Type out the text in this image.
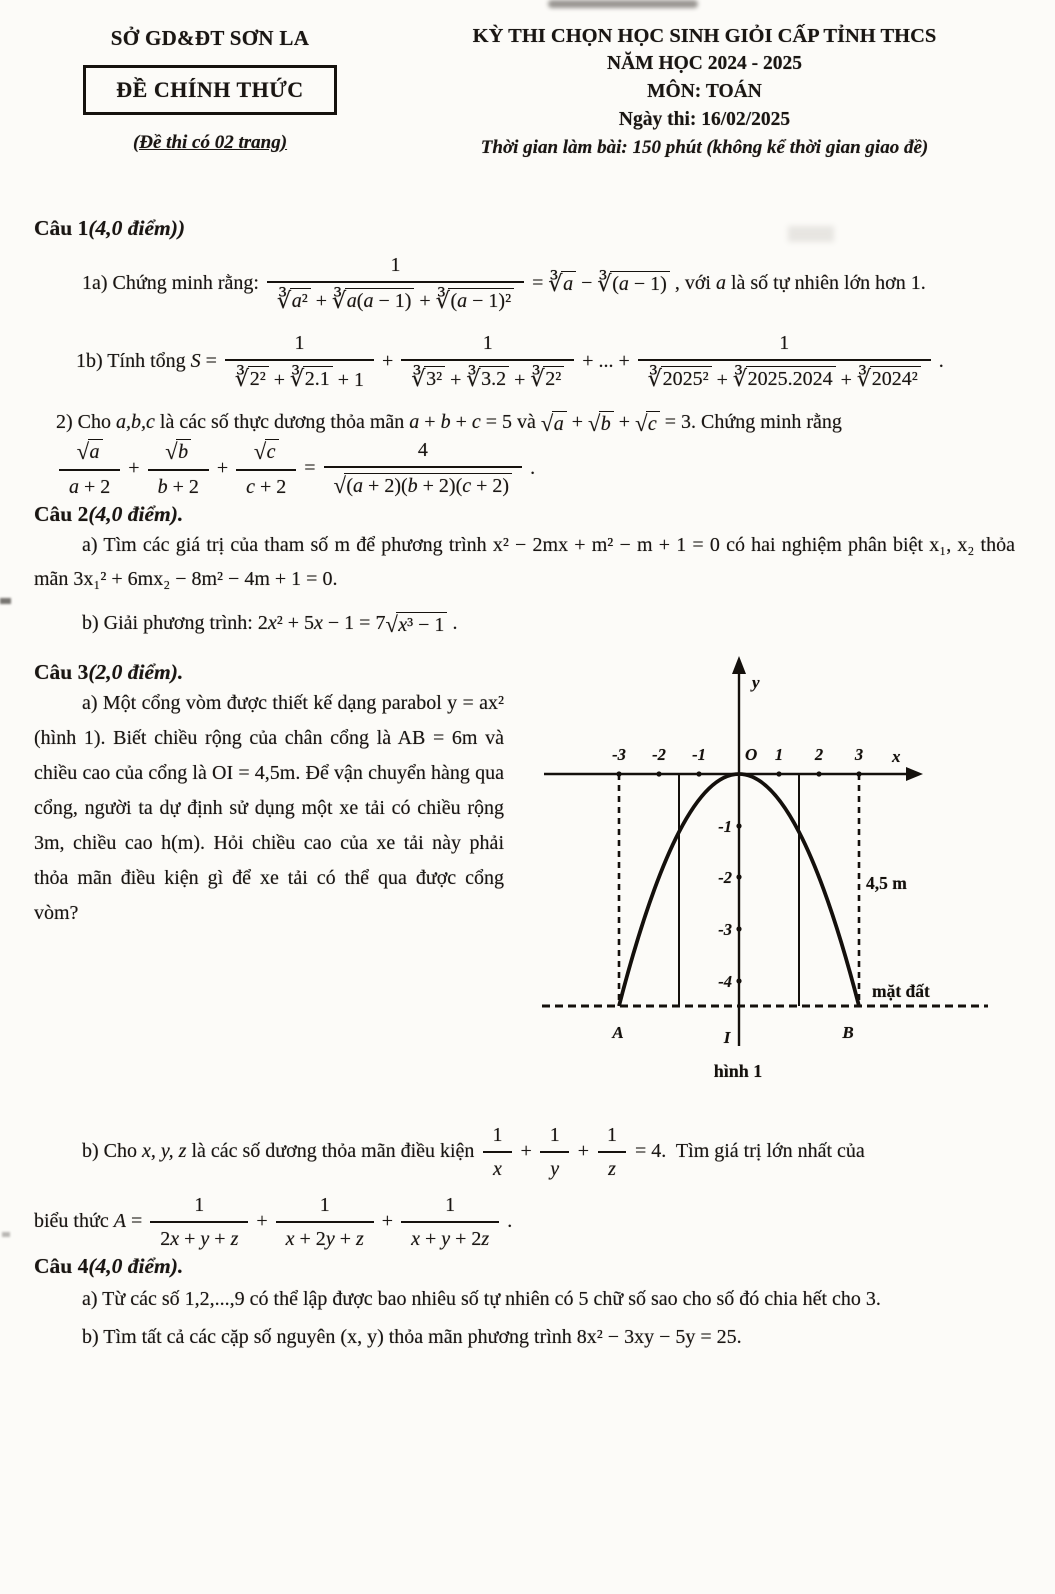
SỞ GD&ĐT SƠN LA
ĐỀ CHÍNH THỨC
(Đề thi có 02 trang)
KỲ THI CHỌN HỌC SINH GIỎI CẤP TỈNH THCS
NĂM HỌC 2024 - 2025
MÔN: TOÁN
Ngày thi: 16/02/2025
Thời gian làm bài: 150 phút (không kể thời gian giao đề)
Câu 1(4,0 điểm))
1a) Chứng minh rằng: $\frac{1}{\text{∛ a² + ∛ a(a − 1) + ∛ (a − 1)²}}$ = ∛ a − ∛ (a − 1) , với a là số tự nhiên lớn hơn 1.
1b) Tính tổng $S = \frac{1}{\text{∛ 2² + ∛ 2.1 + 1}} + \frac{1}{\text{∛ 3² + ∛ 3.2 + ∛ 2²}}$ + ... + $\frac{1}{\text{∛ 2025² + ∛ 2025.2024 + ∛ 2024²}}$ .
2) Cho a,b,c là các số thực dương thỏa mãn a + b + c = 5 và √ a + √ b + √ c = 3. Chứng minh rằng
$\frac{√ a}{a + 2} + \frac{√ b}{b + 2} + \frac{√ c}{c + 2} = \frac{4}{√ (a + 2)(b + 2)(c + 2)}$ .
Câu 2(4,0 điểm).

a) Tìm các giá trị của tham số m để phương trình x² − 2mx + m² − m + 1 = 0 có hai nghiệm phân biệt x₁, x₂ thỏa mãn 3x₁² + 6mx₂ − 8m² − 4m + 1 = 0.

b) Giải phương trình: 2 x ² + 5 x − 1 = 7 √ x³ − 1 .
Câu 3(2,0 điểm).

a) Một cổng vòm được thiết kế dạng parabol y = ax² (hình 1). Biết chiều rộng của chân cổng là AB = 6m và chiều cao của cổng là OI = 4,5m. Để vận chuyển hàng qua cổng, người ta dự định sử dụng một xe tải có chiều rộng 3m, chiều cao h(m). Hỏi chiều cao của xe tải này phải thỏa mãn điều kiện gì để xe tải có thể qua được cổng vòm?

-3 -2 -1	1 2 3
O	x
y
-1
-2
-3
-4
4,5 m
mặt đất
A	I	B
hình 1
b) Cho x, y, z là các số dương thỏa mãn điều kiện $\frac{1}{x} + \frac{1}{y} + \frac{1}{z} = 4$.  Tìm giá trị lớn nhất của
biểu thức $A = \frac{1}{2 x + y + z} + \frac{1}{x + 2 y + z} + \frac{1}{x + y + 2 z}$ .
Câu 4(4,0 điểm).

a) Từ các số 1,2,...,9 có thể lập được bao nhiêu số tự nhiên có 5 chữ số sao cho số đó chia hết cho 3.

b) Tìm tất cả các cặp số nguyên (x, y) thỏa mãn phương trình 8x² − 3xy − 5y = 25.
